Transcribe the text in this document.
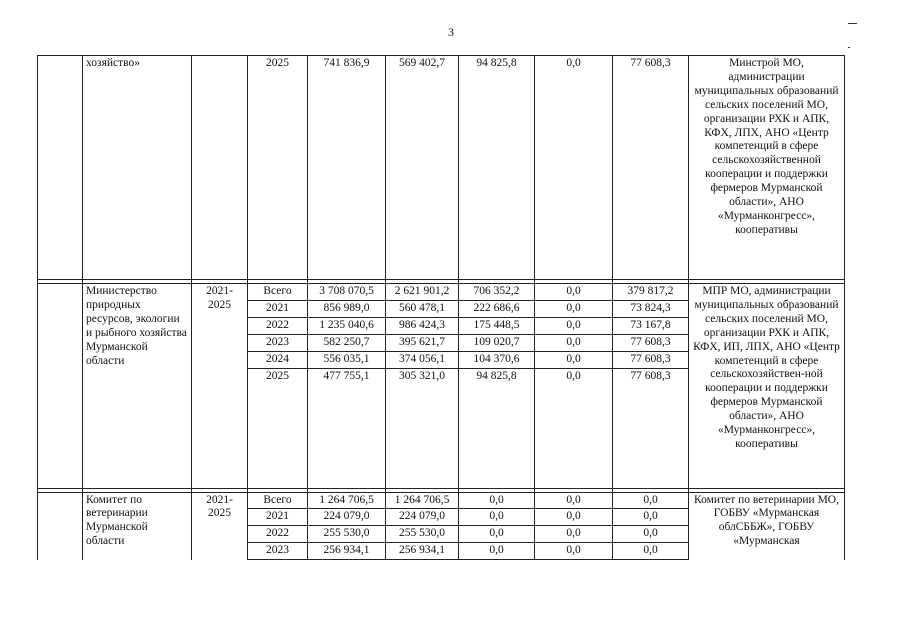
3
	хозяйство»		2025	741 836,9	569 402,7	94 825,8	0,0	77 608,3	Минстрой МО, администрации муниципальных образований сельских поселений МО, организации РХК и АПК, КФХ, ЛПХ, АНО «Центр компетенций в сфере сельскохозяйственной кооперации и поддержки фермеров Мурманской области», АНО «Мурманконгресс», кооперативы

	Министерство природных ресурсов, экологии и рыбного хозяйства Мурманской области	2021-2025	Всего	3 708 070,5	2 621 901,2	706 352,2	0,0	379 817,2	МПР МО, администрации муниципальных образований сельских поселений МО, организации РХК и АПК, КФХ, ИП, ЛПХ, АНО «Центр компетенций в сфере сельскохозяйствен-ной кооперации и поддержки фермеров Мурманской области», АНО «Мурманконгресс», кооперативы
			2021	856 989,0	560 478,1	222 686,6	0,0	73 824,3	
			2022	1 235 040,6	986 424,3	175 448,5	0,0	73 167,8	
			2023	582 250,7	395 621,7	109 020,7	0,0	77 608,3	
			2024	556 035,1	374 056,1	104 370,6	0,0	77 608,3	
			2025	477 755,1	305 321,0	94 825,8	0,0	77 608,3	

	Комитет по ветеринарии Мурманской области	2021-2025	Всего	1 264 706,5	1 264 706,5	0,0	0,0	0,0	Комитет по ветеринарии МО, ГОБВУ «Мурманская облСББЖ», ГОБВУ «Мурманская
			2021	224 079,0	224 079,0	0,0	0,0	0,0	
			2022	255 530,0	255 530,0	0,0	0,0	0,0	
			2023	256 934,1	256 934,1	0,0	0,0	0,0	
